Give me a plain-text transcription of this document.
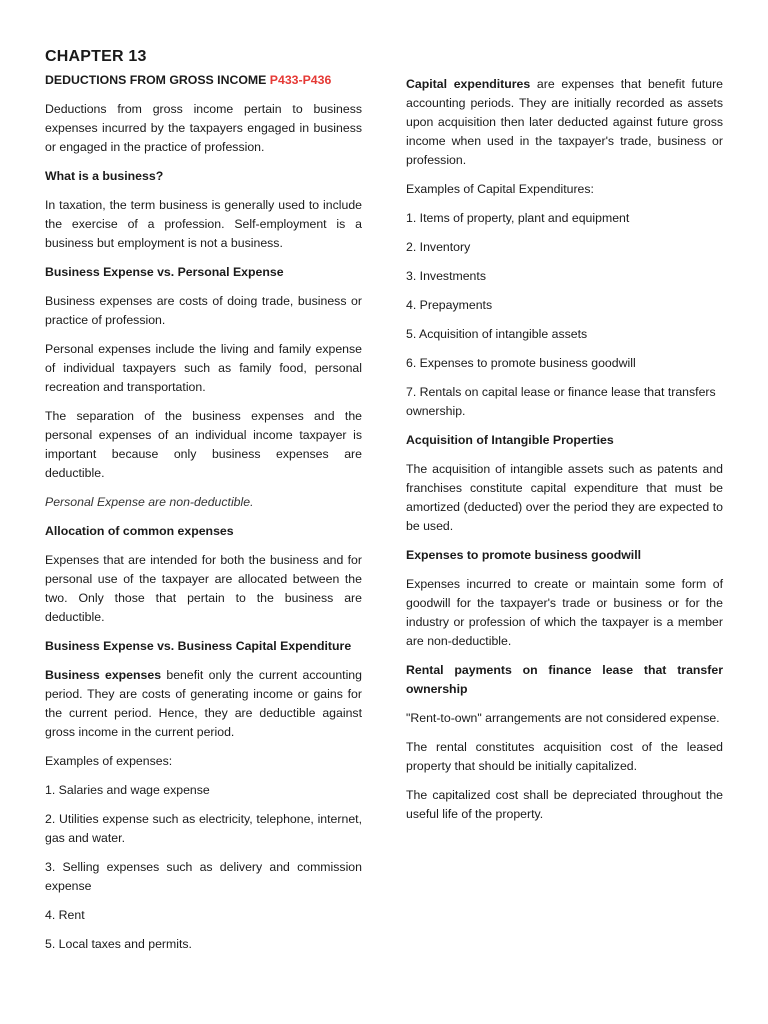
CHAPTER 13
DEDUCTIONS FROM GROSS INCOME P433-P436

Deductions from gross income pertain to business expenses incurred by the taxpayers engaged in business or engaged in the practice of profession.

What is a business?

In taxation, the term business is generally used to include the exercise of a profession. Self-employment is a business but employment is not a business.

Business Expense vs. Personal Expense

Business expenses are costs of doing trade, business or practice of profession.

Personal expenses include the living and family expense of individual taxpayers such as family food, personal recreation and transportation.

The separation of the business expenses and the personal expenses of an individual income taxpayer is important because only business expenses are deductible.

Personal Expense are non-deductible.

Allocation of common expenses

Expenses that are intended for both the business and for personal use of the taxpayer are allocated between the two. Only those that pertain to the business are deductible.

Business Expense vs. Business Capital Expenditure

Business expenses benefit only the current accounting period. They are costs of generating income or gains for the current period. Hence, they are deductible against gross income in the current period.

Examples of expenses:

1. Salaries and wage expense

2. Utilities expense such as electricity, telephone, internet, gas and water.

3. Selling expenses such as delivery and commission expense

4. Rent

5. Local taxes and permits.

Capital expenditures are expenses that benefit future accounting periods. They are initially recorded as assets upon acquisition then later deducted against future gross income when used in the taxpayer's trade, business or profession.

Examples of Capital Expenditures:

1. Items of property, plant and equipment

2. Inventory

3. Investments

4. Prepayments

5. Acquisition of intangible assets

6. Expenses to promote business goodwill

7. Rentals on capital lease or finance lease that transfers ownership.

Acquisition of Intangible Properties

The acquisition of intangible assets such as patents and franchises constitute capital expenditure that must be amortized (deducted) over the period they are expected to be used.

Expenses to promote business goodwill

Expenses incurred to create or maintain some form of goodwill for the taxpayer's trade or business or for the industry or profession of which the taxpayer is a member are non-deductible.

Rental payments on finance lease that transfer ownership

"Rent-to-own" arrangements are not considered expense.

The rental constitutes acquisition cost of the leased property that should be initially capitalized.

The capitalized cost shall be depreciated throughout the useful life of the property.
